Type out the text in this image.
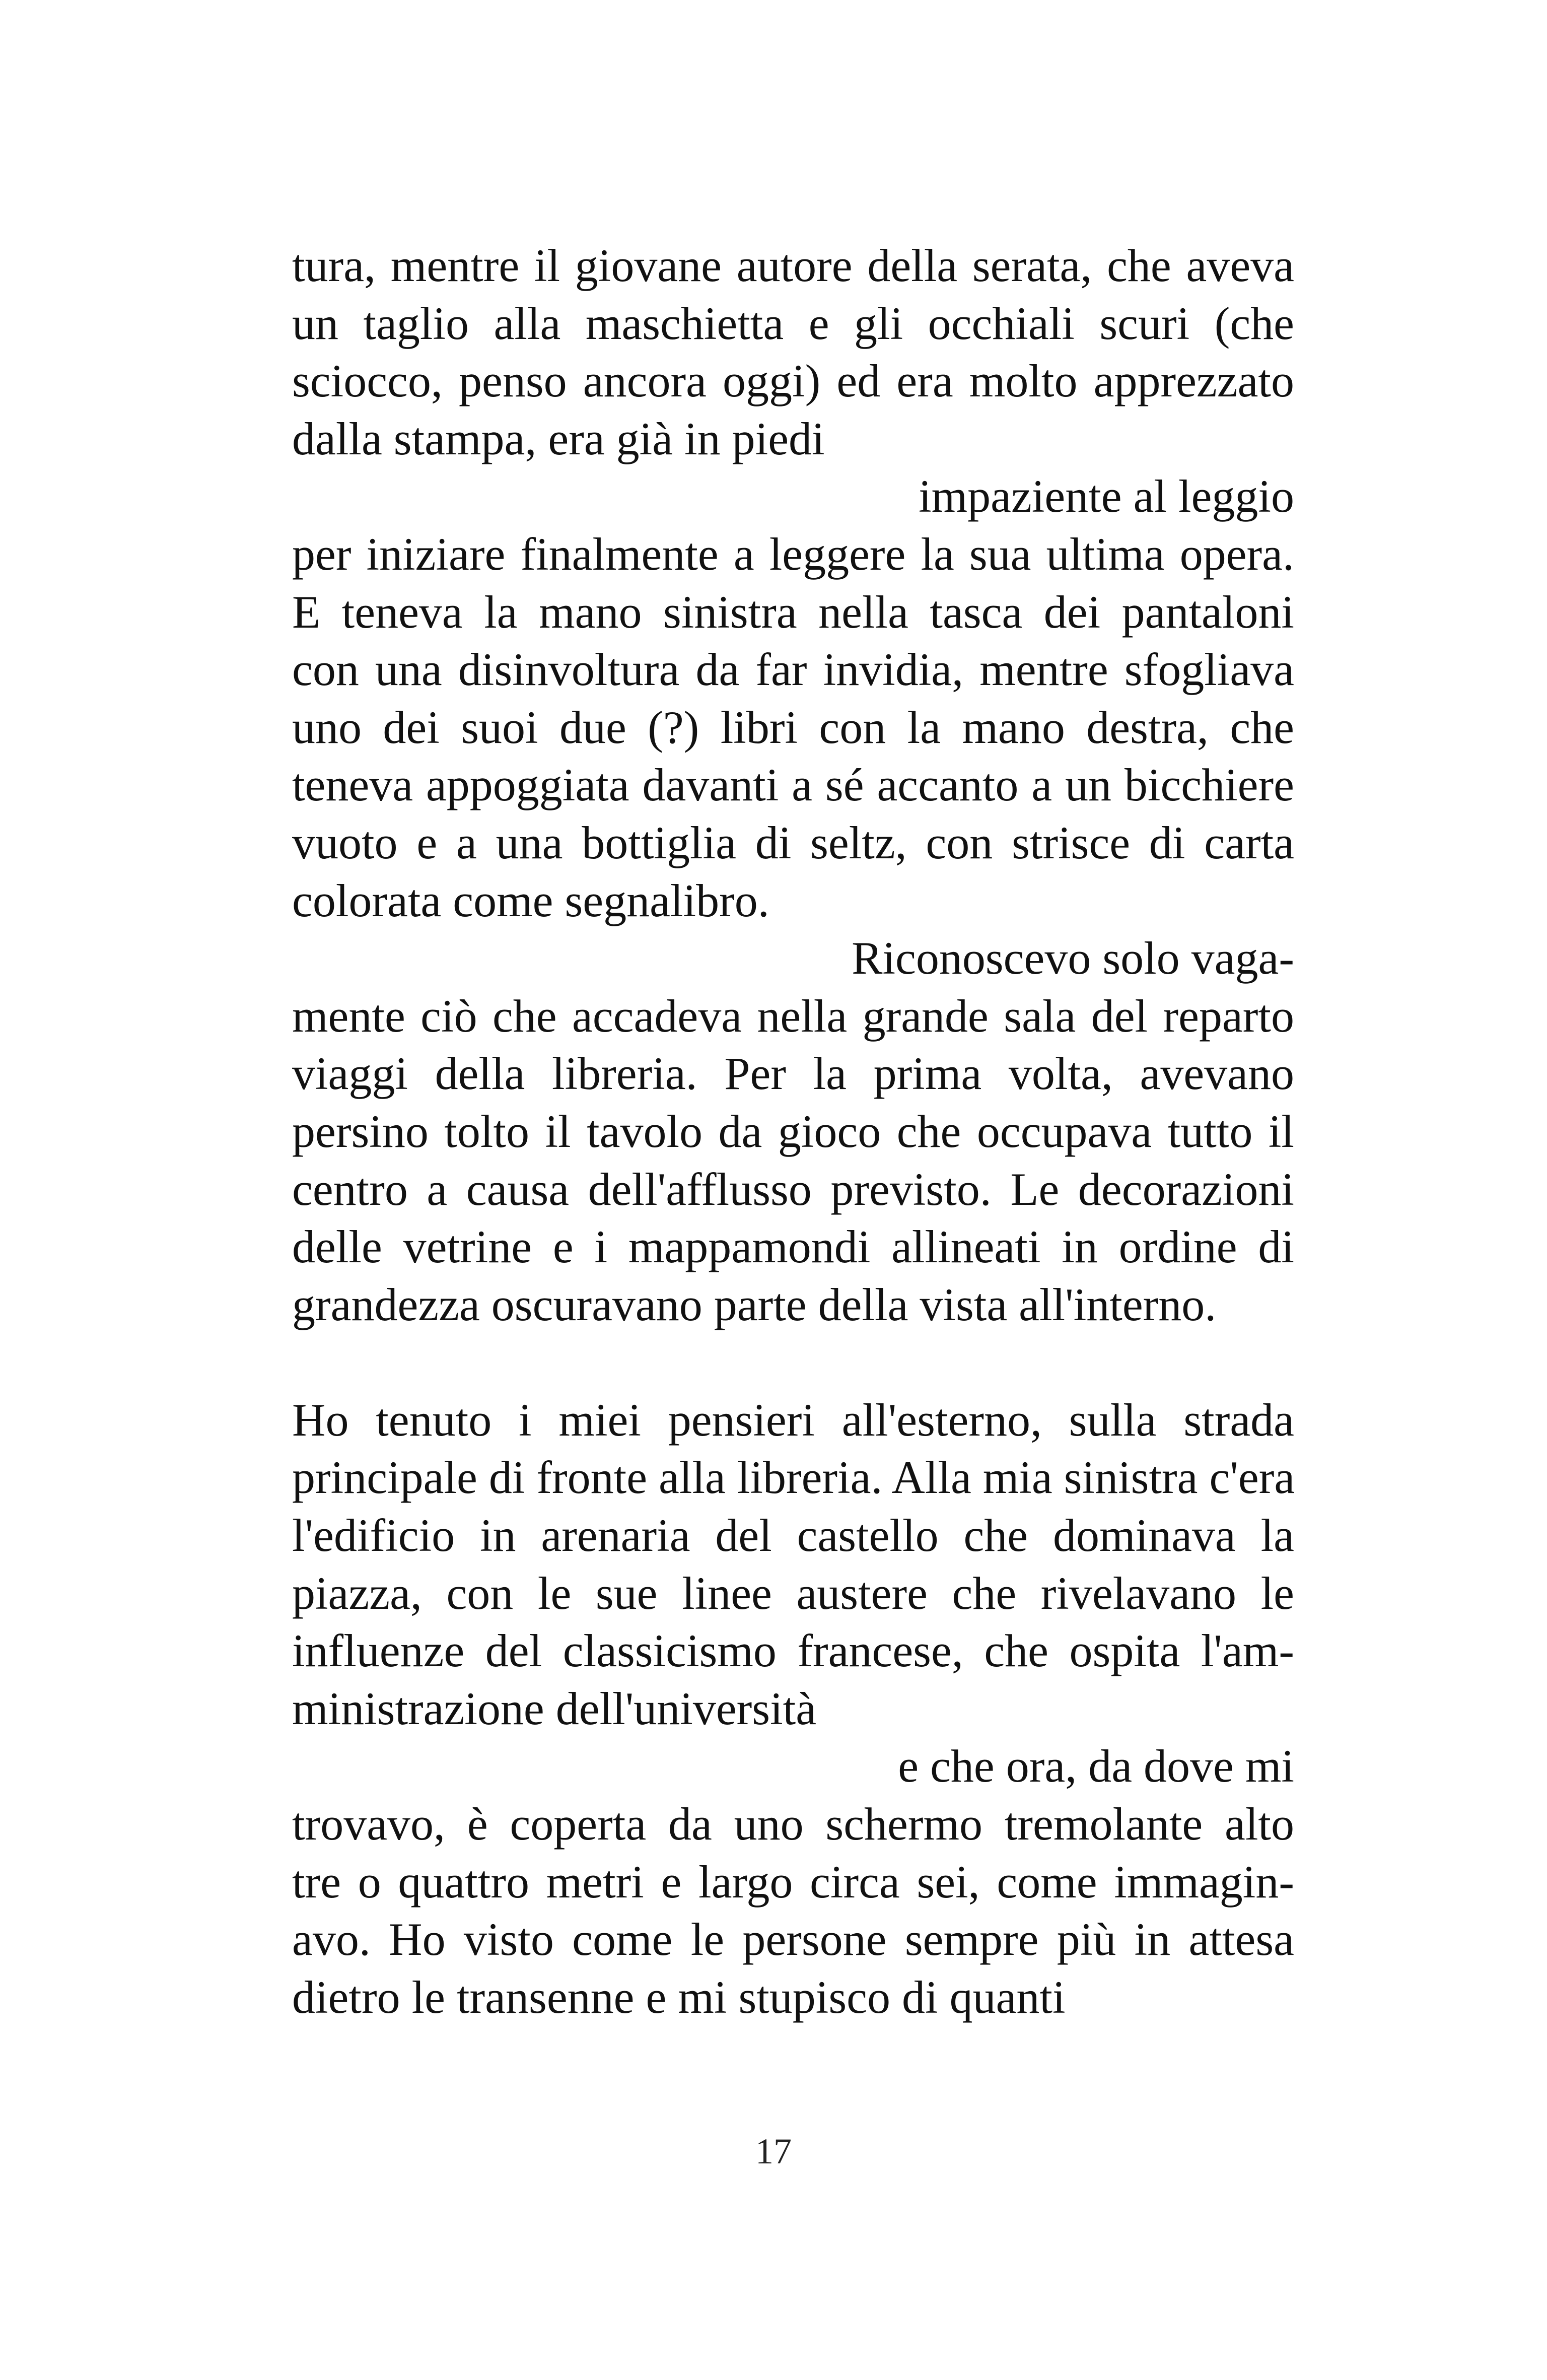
tura, mentre il giovane autore della serata, che aveva
un taglio alla maschietta e gli occhiali scuri (che
sciocco, penso ancora oggi) ed era molto apprezzato
dalla stampa, era già in piedi
impaziente al leggio
per iniziare finalmente a leggere la sua ultima opera.
E teneva la mano sinistra nella tasca dei pantaloni
con una disinvoltura da far invidia, mentre sfogliava
uno dei suoi due (?) libri con la mano destra, che
teneva appoggiata davanti a sé accanto a un bicchiere
vuoto e a una bottiglia di seltz, con strisce di carta
colorata come segnalibro.
Riconoscevo solo vaga-
mente ciò che accadeva nella grande sala del reparto
viaggi della libreria. Per la prima volta, avevano
persino tolto il tavolo da gioco che occupava tutto il
centro a causa dell'afflusso previsto. Le decorazioni
delle vetrine e i mappamondi allineati in ordine di
grandezza oscuravano parte della vista all'interno.
Ho tenuto i miei pensieri all'esterno, sulla strada
principale di fronte alla libreria. Alla mia sinistra c'era
l'edificio in arenaria del castello che dominava la
piazza, con le sue linee austere che rivelavano le
influenze del classicismo francese, che ospita l'am-
ministrazione dell'università
e che ora, da dove mi
trovavo, è coperta da uno schermo tremolante alto
tre o quattro metri e largo circa sei, come immagin-
avo. Ho visto come le persone sempre più in attesa
dietro le transenne e mi stupisco di quanti
17
